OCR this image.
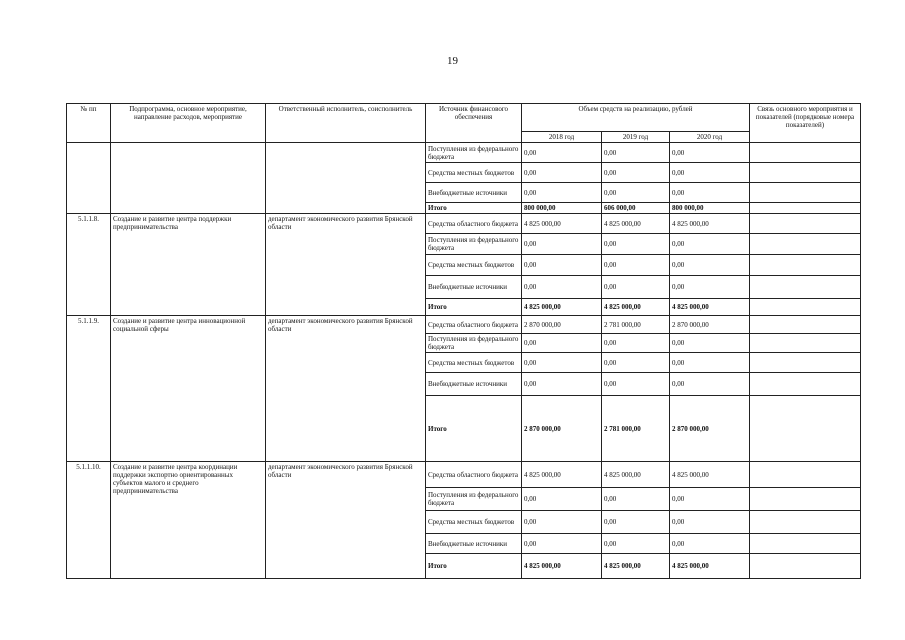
19
№ пп	Подпрограмма, основное мероприятие, направление расходов, мероприятие	Ответственный исполнитель, соисполнитель	Источник финансового обеспечения	Объем средств на реализацию, рублей			Связь основного мероприятия и показателей (порядковые номера показателей)
				2018 год	2019 год	2020 год	
			Поступления из федерального бюджета	0,00	0,00	0,00	
			Средства местных бюджетов	0,00	0,00	0,00	
			Внебюджетные источники	0,00	0,00	0,00	
			Итого	800 000,00	606 000,00	800 000,00	
5.1.1.8.	Создание и развитие центра поддержки предпринимательства	департамент экономического развития Брянской области	Средства областного бюджета	4 825 000,00	4 825 000,00	4 825 000,00	
			Поступления из федерального бюджета	0,00	0,00	0,00	
			Средства местных бюджетов	0,00	0,00	0,00	
			Внебюджетные источники	0,00	0,00	0,00	
			Итого	4 825 000,00	4 825 000,00	4 825 000,00	
5.1.1.9.	Создание и развитие центра инновационной социальной сферы	департамент экономического развития Брянской области	Средства областного бюджета	2 870 000,00	2 781 000,00	2 870 000,00	
			Поступления из федерального бюджета	0,00	0,00	0,00	
			Средства местных бюджетов	0,00	0,00	0,00	
			Внебюджетные источники	0,00	0,00	0,00	
			Итого	2 870 000,00	2 781 000,00	2 870 000,00	
5.1.1.10.	Создание и развитие центра координации поддержки экспортно ориентированных субъектов малого и среднего предпринимательства	департамент экономического развития Брянской области	Средства областного бюджета	4 825 000,00	4 825 000,00	4 825 000,00	
			Поступления из федерального бюджета	0,00	0,00	0,00	
			Средства местных бюджетов	0,00	0,00	0,00	
			Внебюджетные источники	0,00	0,00	0,00	
			Итого	4 825 000,00	4 825 000,00	4 825 000,00	
